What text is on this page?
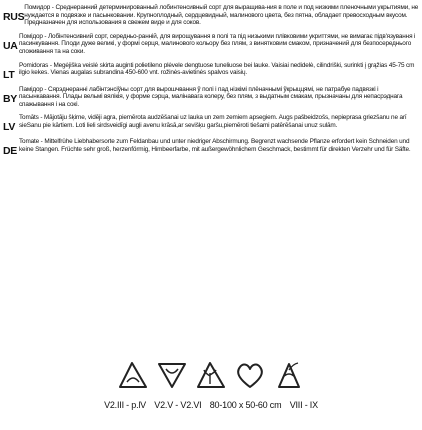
RUS
Помидор - Среднеранний детерминированный лобинтенсивный сорт для выращива-ния в поле и под низкими пленочными укрытиями, не нуждается в подвязке и пасынковании. Крупноплодный, сердцевидный, малинового цвета, без пятна, обладает превосходным вкусом. Предназначен для использования в свежем виде и для соков.
UA
Помідор - Лобінтенсивний сорт, середньо-ранній, для вирощування в полі та під низькими плівковими укриттями, не вимагає підв'язування і пасинкування. Плоди дуже великі, у формі серця, малинового кольору без плям, з винятковим смаком, призначений для безпосереднього споживання та на соки.
LT
Pomidoras - Megėjiška veislė skirta auginti polietileno plėvele dengtuose tuneliuose bei lauke. Vaisiai nedidelė, cilindriški, surinkti į grąžias 45-75 cm ilgio kekes. Vienas augalas subrandina 450-600 vnt. rožinės-avietinės spalvos vaisių.
BY
Памідор - Сярэднеранні лабінтэнсіўны сорт для вырошчвання ў полі і пад нізкімі плёначнымі ўкрыццямі, не патрабуе падвязкі і пасынкавання. Плады вельмі вялікія, у форме сэрца, малінавага колеру, без плям, з выдатным смакам, прызначаны для непасрэднага спажывання і на сокі.
LV
Tomāts - Mājotāju šķirne, vidēji agra, piemērota audzēšanai uz lauka un zem zemiem apsegiem. Augs pašbeidzošs, nepieprasa griezšanu ne arī sieSanu pie kārtiem. Loti lieli sirdsveidīgi augļi avenu krāsā,ar sevišķu garšu,piemēroti tiešami patērēšanai unuz sulām.
DE
Tomate - Mittelfrühe Liebhabersorte zum Feldanbau und unter niedriger Abschirmung. Begrenzt wachsende Pflanze erfordert kein Schneiden und keine Stangen. Früchte sehr groß, herzenförmig, Himbeerfarbe, mit außergewöhnlichem Geschmack, bestimmt für direkten Verzehr und für Säfte.
V2.III - p.lV V2.V - V2.VI 80-100 x 50-60 cm VIII - IX
